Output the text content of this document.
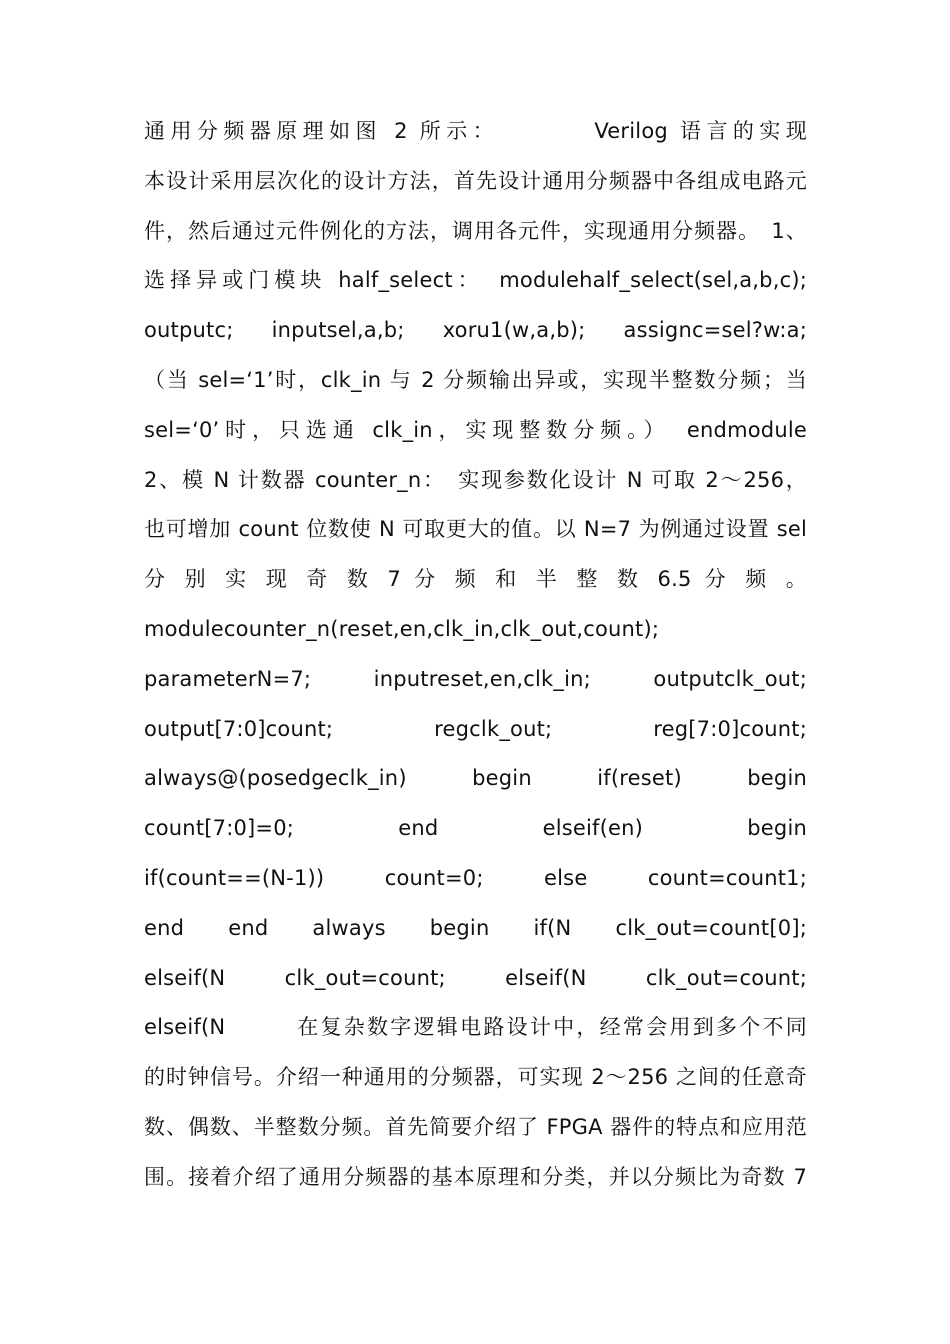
通用分频器原理如图 2 所示：　　　　Verilog 语言的实现
本设计采用层次化的设计方法，首先设计通用分频器中各组成电路元
件，然后通过元件例化的方法，调用各元件，实现通用分频器。　1、
选择异或门模块 half_select：　modulehalf_select(sel,a,b,c);
outputc;　inputsel,a,b;　xoru1(w,a,b);　assignc=sel?w:a;
（当 sel=‘1’时，clk_in 与 2 分频输出异或，实现半整数分频；当
sel=‘0’时，只选通 clk_in，实现整数分频。）　endmodule
2、模 N 计数器 counter_n：　实现参数化设计 N 可取 2～256，
也可增加 count 位数使 N 可取更大的值。以 N=7 为例通过设置 sel
分 别 实 现 奇 数 7 分 频 和 半 整 数 6.5 分 频 。
modulecounter_n(reset,en,clk_in,clk_out,count);
parameterN=7;　inputreset,en,clk_in;　outputclk_out;
output[7:0]count;　regclk_out;　reg[7:0]count;
always@(posedgeclk_in)　begin　if(reset)　begin
count[7:0]=0;　end　elseif(en)　begin
if(count==(N-1))　count=0;　else　count=count1;
end　end　always　begin　if(N　clk_out=count[0];
elseif(N　clk_out=count;　elseif(N　clk_out=count;
elseif(N　　　在复杂数字逻辑电路设计中，经常会用到多个不同
的时钟信号。介绍一种通用的分频器，可实现 2～256 之间的任意奇
数、偶数、半整数分频。首先简要介绍了 FPGA 器件的特点和应用范
围。接着介绍了通用分频器的基本原理和分类，并以分频比为奇数 7
